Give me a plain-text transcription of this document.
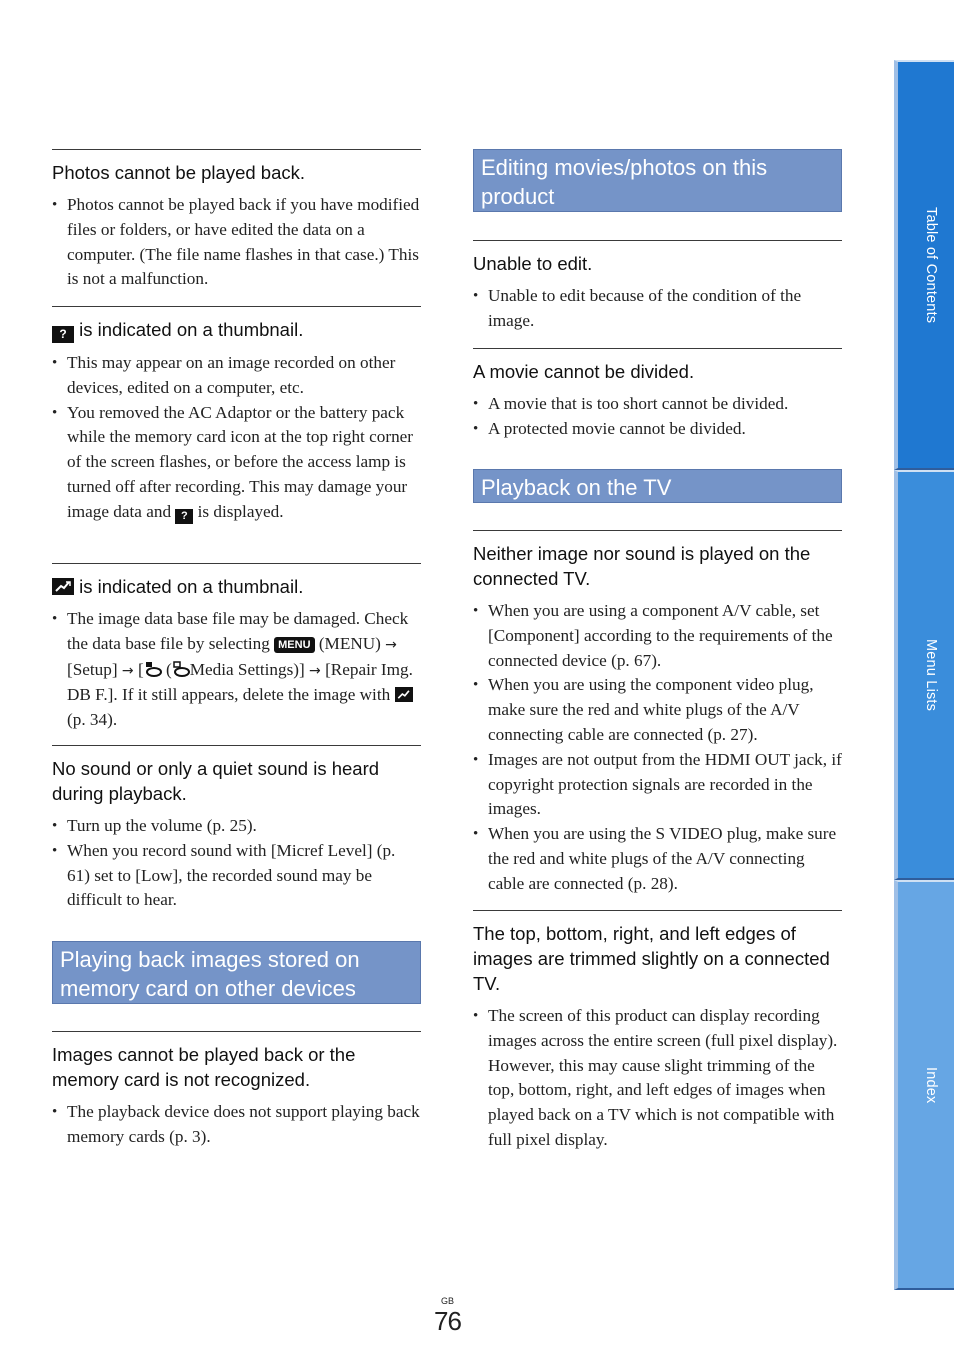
Photos cannot be played back.
• Photos cannot be played back if you have modified files or folders, or have edited the data on a computer. (The file name flashes in that case.) This is not a malfunction.
? is indicated on a thumbnail.
• This may appear on an image recorded on other devices, edited on a computer, etc.
• You removed the AC Adaptor or the battery pack while the memory card icon at the top right corner of the screen flashes, or before the access lamp is turned off after recording. This may damage your image data and ? is displayed.
is indicated on a thumbnail.
• The image data base file may be damaged. Check the data base file by selecting MENU (MENU) → [Setup] → [ ( Media Settings)] → [Repair Img. DB F.]. If it still appears, delete the image with  (p. 34).
No sound or only a quiet sound is heard during playback.
• Turn up the volume (p. 25).
• When you record sound with [Micref Level] (p. 61) set to [Low], the recorded sound may be difficult to hear.
Playing back images stored on memory card on other devices
Images cannot be played back or the memory card is not recognized.
• The playback device does not support playing back memory cards (p. 3).
Editing movies/photos on this product
Unable to edit.
• Unable to edit because of the condition of the image.
A movie cannot be divided.
• A movie that is too short cannot be divided.
• A protected movie cannot be divided.
Playback on the TV
Neither image nor sound is played on the connected TV.
• When you are using a component A/V cable, set [Component] according to the requirements of the connected device (p. 67).
• When you are using the component video plug, make sure the red and white plugs of the A/V connecting cable are connected (p. 27).
• Images are not output from the HDMI OUT jack, if copyright protection signals are recorded in the images.
• When you are using the S VIDEO plug, make sure the red and white plugs of the A/V connecting cable are connected (p. 28).
The top, bottom, right, and left edges of images are trimmed slightly on a connected TV.
• The screen of this product can display recording images across the entire screen (full pixel display). However, this may cause slight trimming of the top, bottom, right, and left edges of images when played back on a TV which is not compatible with full pixel display.
Table of Contents
Menu Lists
Index
GB
76
